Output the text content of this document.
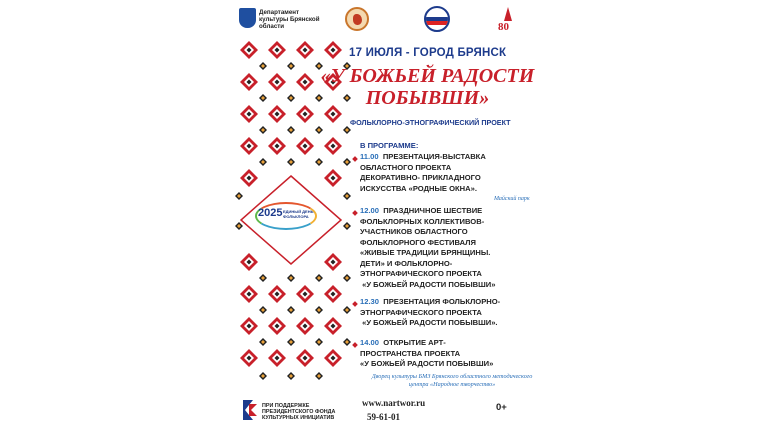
Департамент культуры Брянской области	80
2025 ЕДИНЫЙ ДЕНЬ ФОЛЬКЛОРА
17 ИЮЛЯ - ГОРОД БРЯНСК
«У БОЖЬЕЙ РАДОСТИ ПОБЫВШИ»
ФОЛЬКЛОРНО-ЭТНОГРАФИЧЕСКИЙ ПРОЕКТ
В ПРОГРАММЕ:
11.00  ПРЕЗЕНТАЦИЯ-ВЫСТАВКА
ОБЛАСТНОГО ПРОЕКТА
ДЕКОРАТИВНО- ПРИКЛАДНОГО
ИСКУССТВА «РОДНЫЕ ОКНА».
Майский парк
12.00  ПРАЗДНИЧНОЕ ШЕСТВИЕ
ФОЛЬКЛОРНЫХ КОЛЛЕКТИВОВ-
УЧАСТНИКОВ ОБЛАСТНОГО
ФОЛЬКЛОРНОГО ФЕСТИВАЛЯ
«ЖИВЫЕ ТРАДИЦИИ БРЯНЩИНЫ.
ДЕТИ» И ФОЛЬКЛОРНО-
ЭТНОГРАФИЧЕСКОГО ПРОЕКТА
«У БОЖЬЕЙ РАДОСТИ ПОБЫВШИ»
12.30  ПРЕЗЕНТАЦИЯ ФОЛЬКЛОРНО-
ЭТНОГРАФИЧЕСКОГО ПРОЕКТА
«У БОЖЬЕЙ РАДОСТИ ПОБЫВШИ».
14.00  ОТКРЫТИЕ АРТ-
ПРОСТРАНСТВА ПРОЕКТА
«У БОЖЬЕЙ РАДОСТИ ПОБЫВШИ»
Дворец культуры БМЗ Брянского областного методического центра «Народное творчество»
ПРИ ПОДДЕРЖКЕ ПРЕЗИДЕНТСКОГО ФОНДА КУЛЬТУРНЫХ ИНИЦИАТИВ
www.nartwor.ru
59-61-01
0+
